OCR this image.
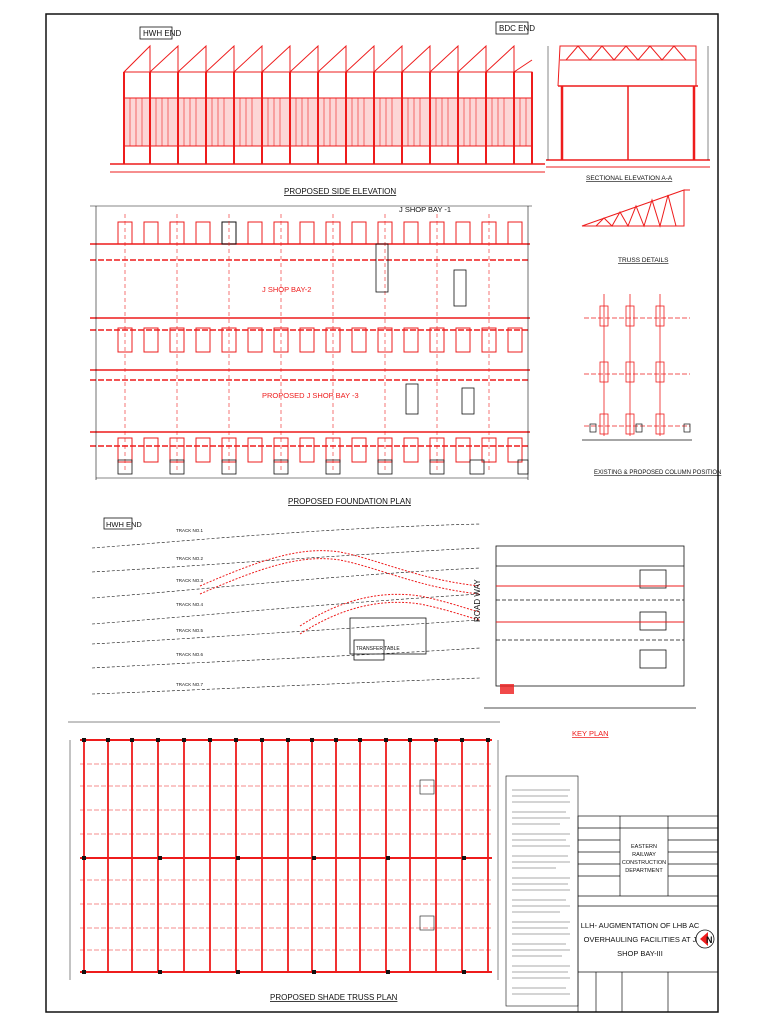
HWH END
BDC END
PROPOSED SIDE ELEVATION
SECTIONAL ELEVATION A-A
TRUSS DETAILS
EXISTING & PROPOSED COLUMN POSITION
J SHOP BAY -1
J SHOP BAY-2
PROPOSED J SHOP BAY -3
PROPOSED FOUNDATION PLAN
HWH END
TRANSFER TABLE
TRACK NO.1
TRACK NO.2
TRACK NO.3
TRACK NO.4
TRACK NO.5
TRACK NO.6
TRACK NO.7
ROAD WAY
KEY PLAN
PROPOSED SHADE TRUSS PLAN
EASTERN
RAILWAY
CONSTRUCTION
DEPARTMENT
LLH- AUGMENTATION OF LHB AC
OVERHAULING FACILITIES AT J
SHOP BAY-III
N
